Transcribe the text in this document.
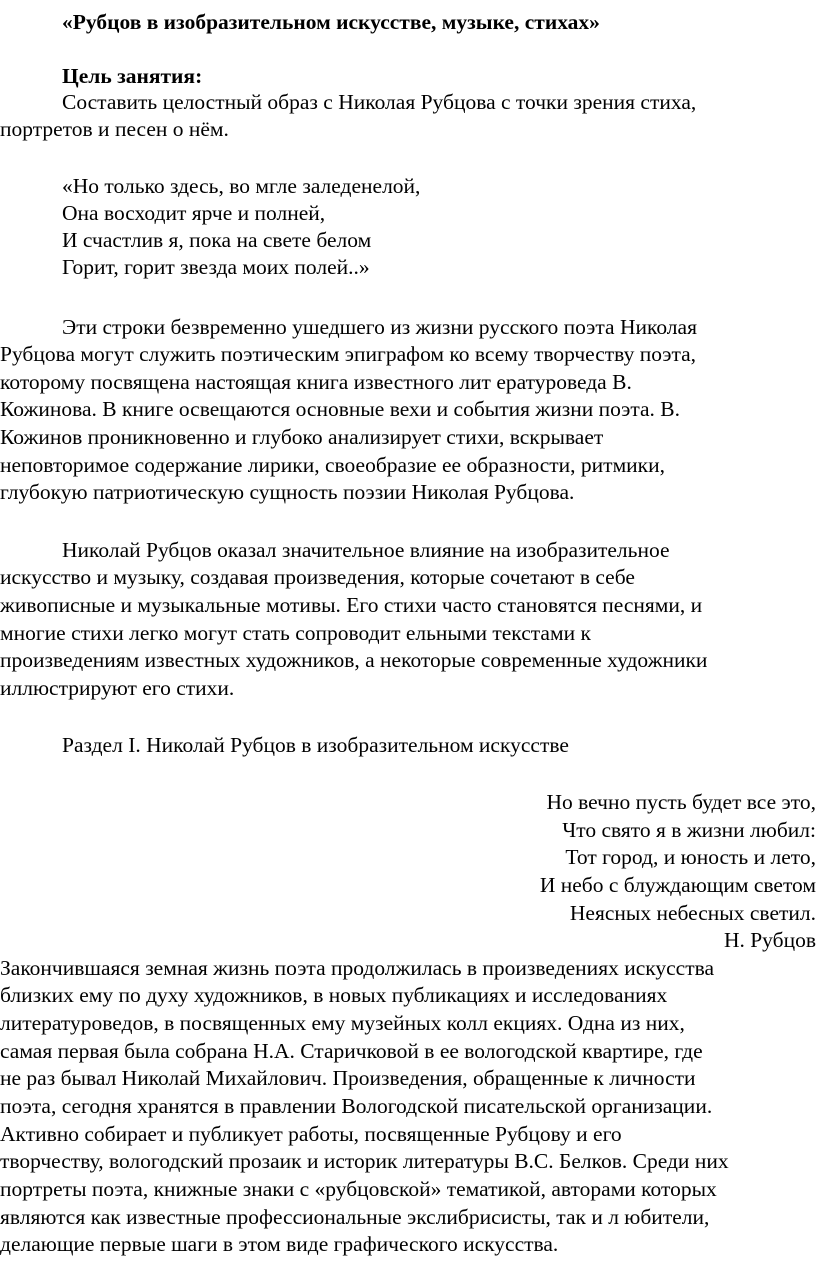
«Рубцов в изобразительном искусстве, музыке, стихах»

Цель занятия:

Составить целостный образ с Николая Рубцова с точки зрения стиха,

портретов и песен о нём.

«Но только здесь, во мгле заледенелой,

Она восходит ярче и полней,

И счастлив я, пока на свете белом

Горит, горит звезда моих полей..»

Эти строки безвременно ушедшего из жизни русского поэта Николая

Рубцова могут служить поэтическим эпиграфом ко всему творчеству поэта,

которому посвящена настоящая книга известного лит ературоведа В.

Кожинова. В книге освещаются основные вехи и события жизни поэта. В.

Кожинов проникновенно и глубоко анализирует стихи, вскрывает

неповторимое содержание лирики, своеобразие ее образности, ритмики,

глубокую патриотическую сущность поэзии Николая Рубцова.

Николай Рубцов оказал значительное влияние на изобразительное

искусство и музыку, создавая произведения, которые сочетают в себе

живописные и музыкальные мотивы. Его стихи часто становятся песнями, и

многие стихи легко могут стать сопроводит ельными текстами к

произведениям известных художников, а некоторые современные художники

иллюстрируют его стихи.

Раздел I. Николай Рубцов в изобразительном искусстве

Но вечно пусть будет все это,

Что свято я в жизни любил:

Тот город, и юность и лето,

И небо с блуждающим светом

Неясных небесных светил.

Н. Рубцов

Закончившаяся земная жизнь поэта продолжилась в произведениях искусства

близких ему по духу художников, в новых публикациях и исследованиях

литературоведов, в посвященных ему музейных колл екциях. Одна из них,

самая первая была собрана Н.А. Старичковой в ее вологодской квартире, где

не раз бывал Николай Михайлович. Произведения, обращенные к личности

поэта, сегодня хранятся в правлении Вологодской писательской организации.

Активно собирает и публикует работы, посвященные Рубцову и его

творчеству, вологодский прозаик и историк литературы В.С. Белков. Среди них

портреты поэта, книжные знаки с «рубцовской» тематикой, авторами которых

являются как известные профессиональные экслибрисисты, так и л юбители,

делающие первые шаги в этом виде графического искусства.
